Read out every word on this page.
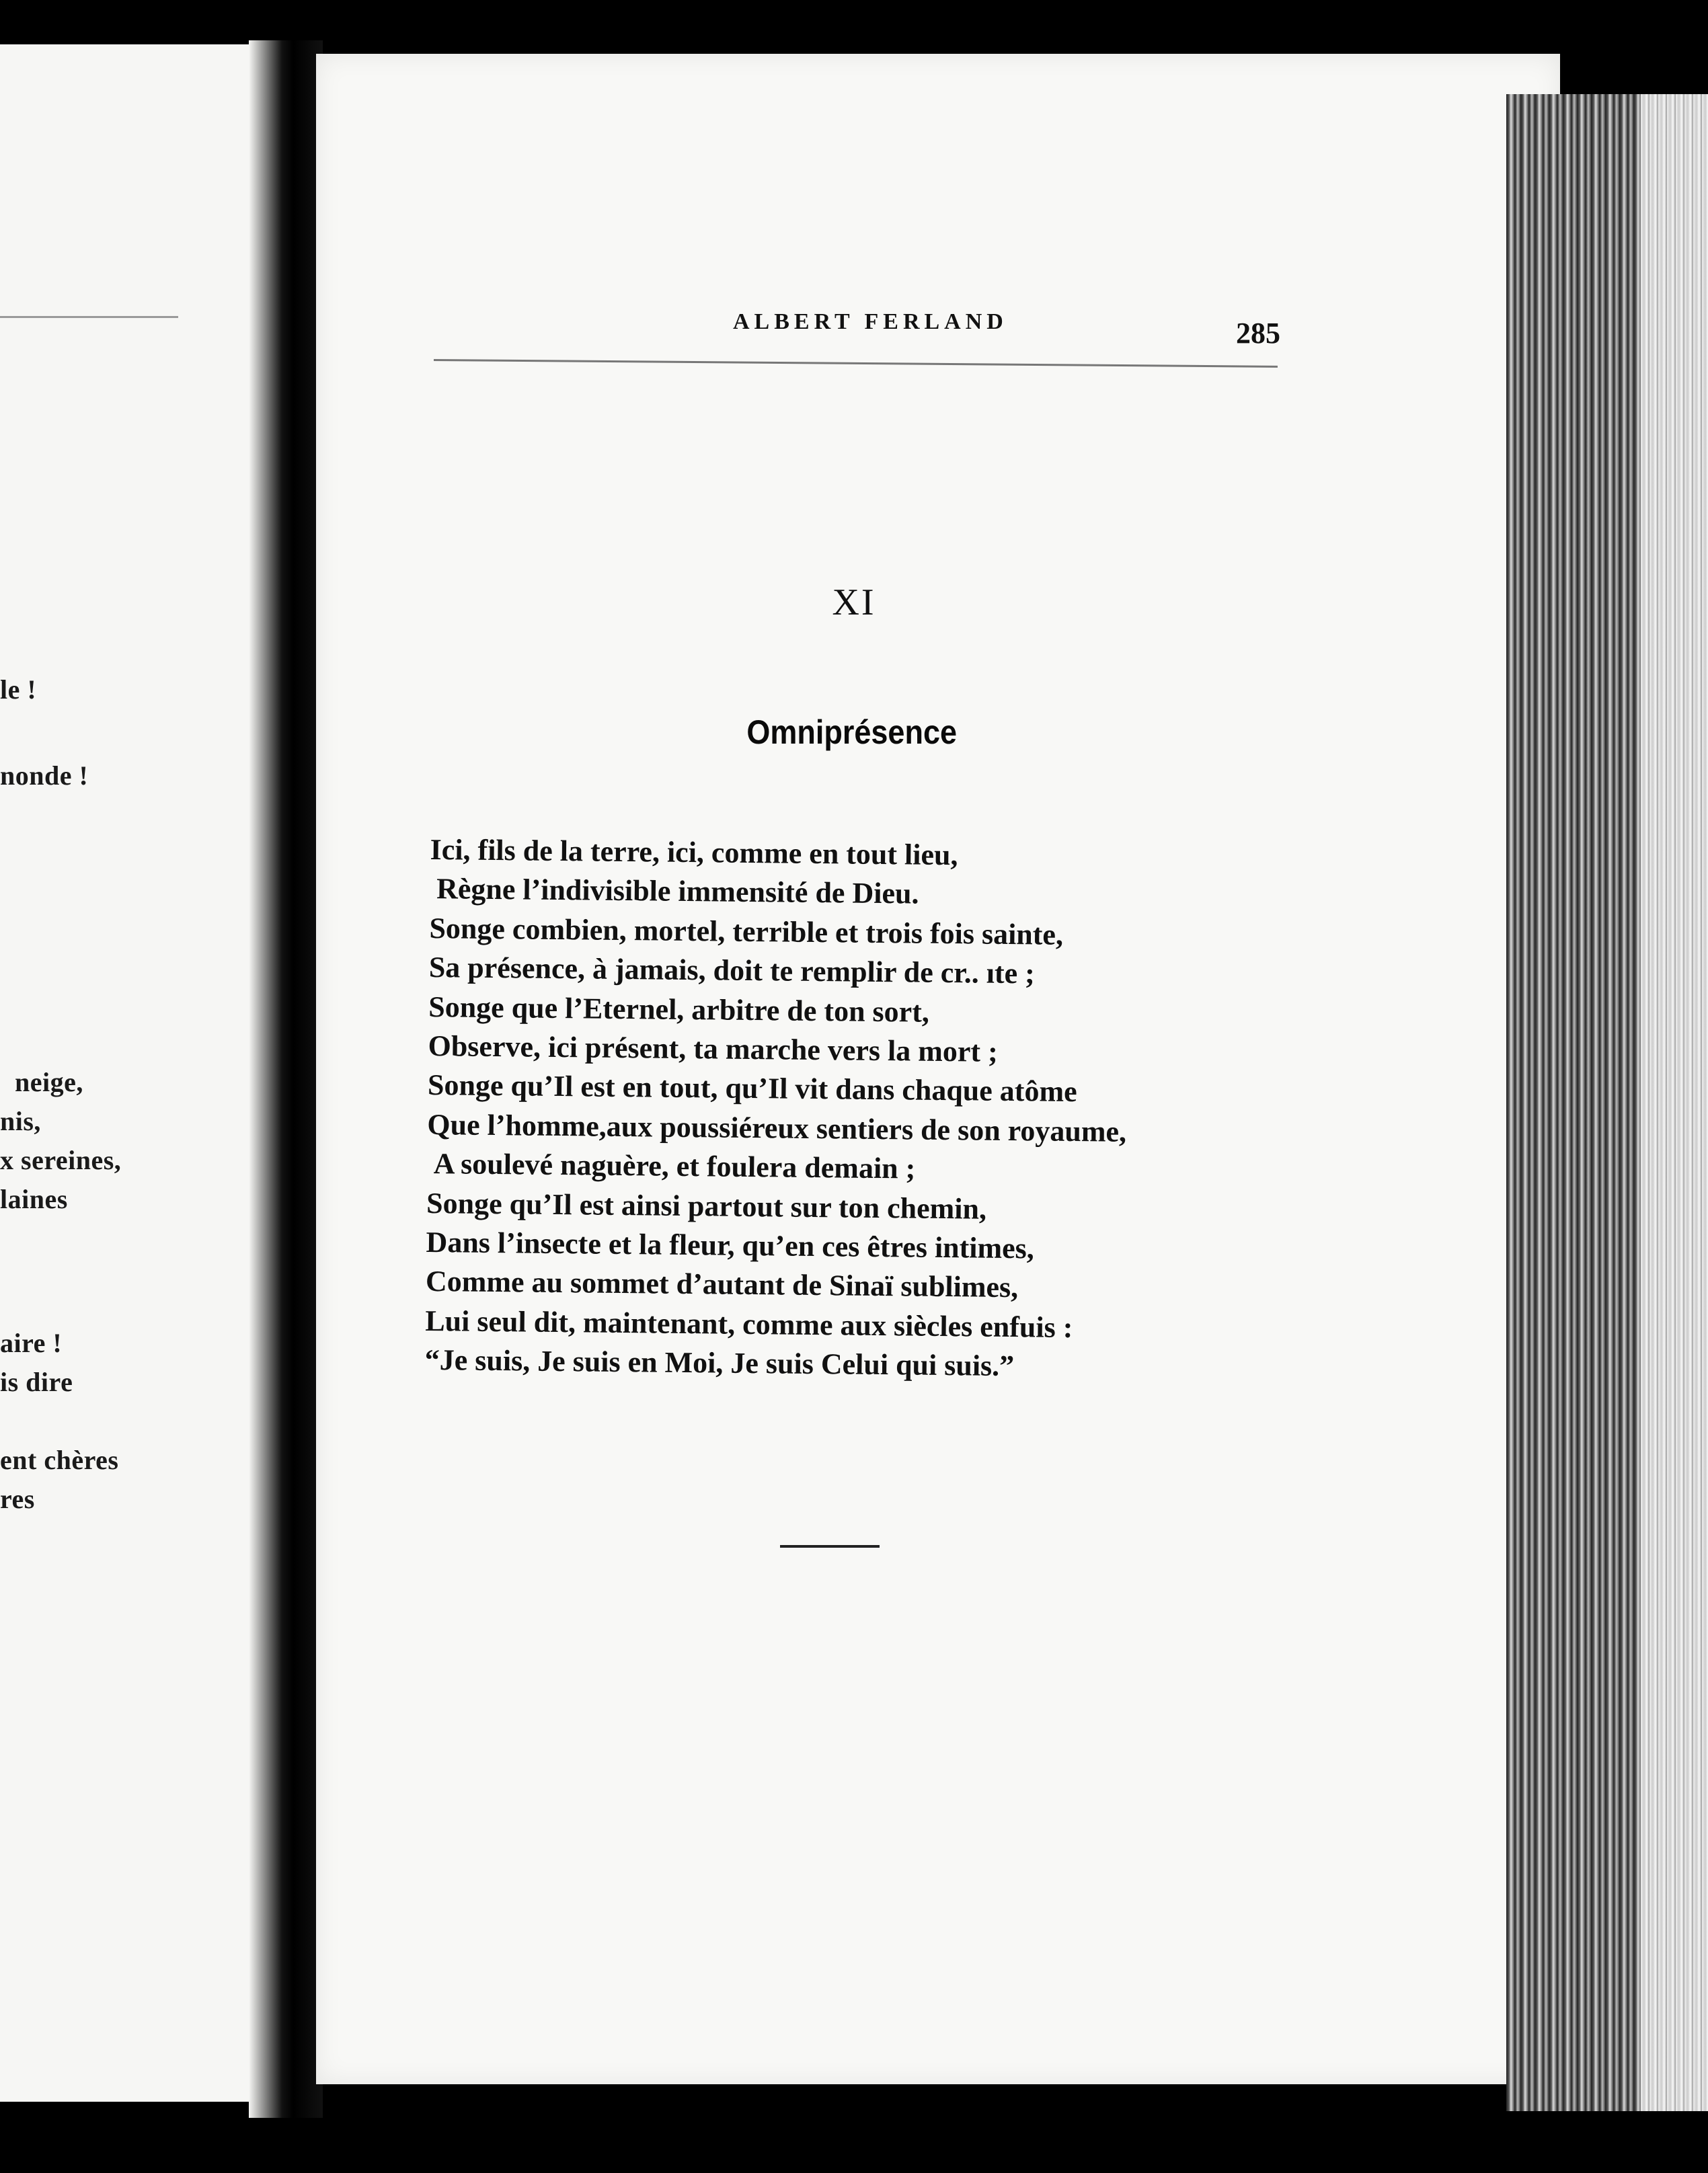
le !
nonde !
neige,
nis,
x sereines,
laines
aire !
is dire
ent chères
res
ALBERT FERLAND	285
XI
Omniprésence
Ici, fils de la terre, ici, comme en tout lieu,
Règne l’indivisible immensité de Dieu.
Songe combien, mortel, terrible et trois fois sainte,
Sa présence, à jamais, doit te remplir de cr.. ıte ;
Songe que l’Eternel, arbitre de ton sort,
Observe, ici présent, ta marche vers la mort ;
Songe qu’Il est en tout, qu’Il vit dans chaque atôme
Que l’homme,aux poussiéreux sentiers de son royaume,
A soulevé naguère, et foulera demain ;
Songe qu’Il est ainsi partout sur ton chemin,
Dans l’insecte et la fleur, qu’en ces êtres intimes,
Comme au sommet d’autant de Sinaï sublimes,
Lui seul dit, maintenant, comme aux siècles enfuis :
“Je suis, Je suis en Moi, Je suis Celui qui suis.”
